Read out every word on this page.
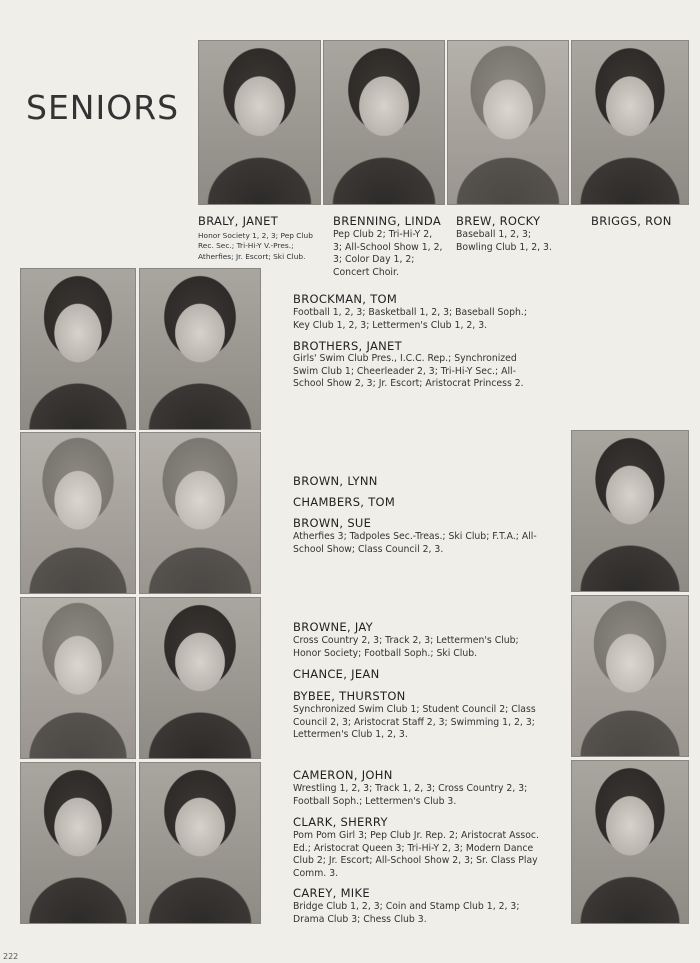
SENIORS
BRALY, JANET
Honor Society 1, 2, 3; Pep Club Rec. Sec.; Tri-Hi-Y V.-Pres.; Atherfies; Jr. Escort; Ski Club.
BRENNING, LINDA
Pep Club 2; Tri-Hi-Y 2, 3; All-School Show 1, 2, 3; Color Day 1, 2; Concert Choir.
BREW, ROCKY
Baseball 1, 2, 3; Bowling Club 1, 2, 3.
BRIGGS, RON
BROCKMAN, TOM
Football 1, 2, 3; Basketball 1, 2, 3; Baseball Soph.; Key Club 1, 2, 3; Lettermen's Club 1, 2, 3.
BROTHERS, JANET
Girls' Swim Club Pres., I.C.C. Rep.; Synchronized Swim Club 1; Cheerleader 2, 3; Tri-Hi-Y Sec.; All-School Show 2, 3; Jr. Escort; Aristocrat Princess 2.
BROWN, LYNN
CHAMBERS, TOM
BROWN, SUE
Atherfies 3; Tadpoles Sec.-Treas.; Ski Club; F.T.A.; All-School Show; Class Council 2, 3.
BROWNE, JAY
Cross Country 2, 3; Track 2, 3; Lettermen's Club; Honor Society; Football Soph.; Ski Club.
CHANCE, JEAN
BYBEE, THURSTON
Synchronized Swim Club 1; Student Council 2; Class Council 2, 3; Aristocrat Staff 2, 3; Swimming 1, 2, 3; Lettermen's Club 1, 2, 3.
CAMERON, JOHN
Wrestling 1, 2, 3; Track 1, 2, 3; Cross Country 2, 3; Football Soph.; Lettermen's Club 3.
CLARK, SHERRY
Pom Pom Girl 3; Pep Club Jr. Rep. 2; Aristocrat Assoc. Ed.; Aristocrat Queen 3; Tri-Hi-Y 2, 3; Modern Dance Club 2; Jr. Escort; All-School Show 2, 3; Sr. Class Play Comm. 3.
CAREY, MIKE
Bridge Club 1, 2, 3; Coin and Stamp Club 1, 2, 3; Drama Club 3; Chess Club 3.
222
